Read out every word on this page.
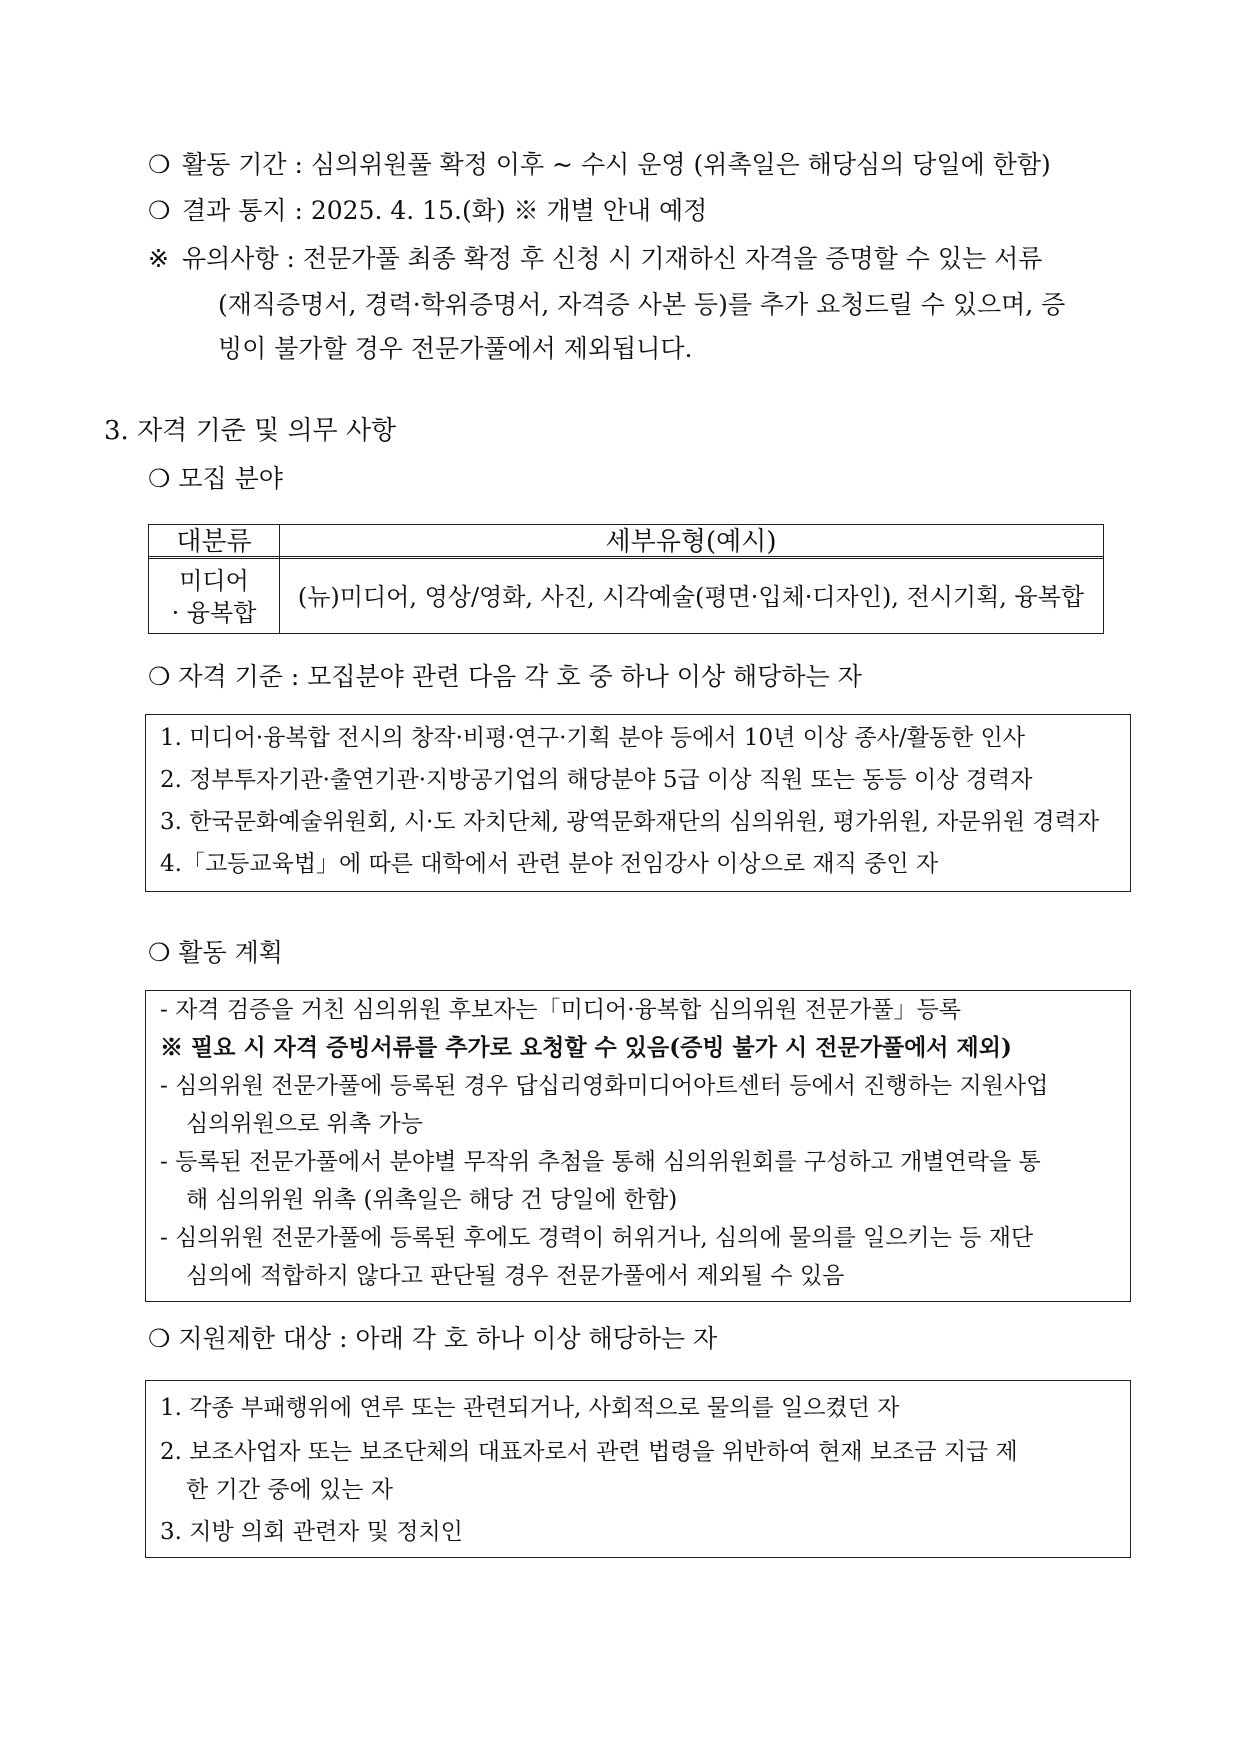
❍ 활동 기간 : 심의위원풀 확정 이후 ~ 수시 운영 (위촉일은 해당심의 당일에 한함)
❍ 결과 통지 : 2025. 4. 15.(화) ※ 개별 안내 예정
※ 유의사항 : 전문가풀 최종 확정 후 신청 시 기재하신 자격을 증명할 수 있는 서류
(재직증명서, 경력·학위증명서, 자격증 사본 등)를 추가 요청드릴 수 있으며, 증
빙이 불가할 경우 전문가풀에서 제외됩니다.
3. 자격 기준 및 의무 사항
❍ 모집 분야
대분류	세부유형(예시)
미디어
· 융복합
(뉴)미디어, 영상/영화, 사진, 시각예술(평면·입체·디자인), 전시기획, 융복합
❍ 자격 기준 : 모집분야 관련 다음 각 호 중 하나 이상 해당하는 자
1. 미디어·융복합 전시의 창작·비평·연구·기획 분야 등에서 10년 이상 종사/활동한 인사
2. 정부투자기관·출연기관·지방공기업의 해당분야 5급 이상 직원 또는 동등 이상 경력자
3. 한국문화예술위원회, 시·도 자치단체, 광역문화재단의 심의위원, 평가위원, 자문위원 경력자
4.「고등교육법」에 따른 대학에서 관련 분야 전임강사 이상으로 재직 중인 자
❍ 활동 계획
- 자격 검증을 거친 심의위원 후보자는「미디어·융복합 심의위원 전문가풀」등록
※ 필요 시 자격 증빙서류를 추가로 요청할 수 있음(증빙 불가 시 전문가풀에서 제외)
- 심의위원 전문가풀에 등록된 경우 답십리영화미디어아트센터 등에서 진행하는 지원사업
심의위원으로 위촉 가능
- 등록된 전문가풀에서 분야별 무작위 추첨을 통해 심의위원회를 구성하고 개별연락을 통
해 심의위원 위촉 (위촉일은 해당 건 당일에 한함)
- 심의위원 전문가풀에 등록된 후에도 경력이 허위거나, 심의에 물의를 일으키는 등 재단
심의에 적합하지 않다고 판단될 경우 전문가풀에서 제외될 수 있음
❍ 지원제한 대상 : 아래 각 호 하나 이상 해당하는 자
1. 각종 부패행위에 연루 또는 관련되거나, 사회적으로 물의를 일으켰던 자
2. 보조사업자 또는 보조단체의 대표자로서 관련 법령을 위반하여 현재 보조금 지급 제
한 기간 중에 있는 자
3. 지방 의회 관련자 및 정치인
